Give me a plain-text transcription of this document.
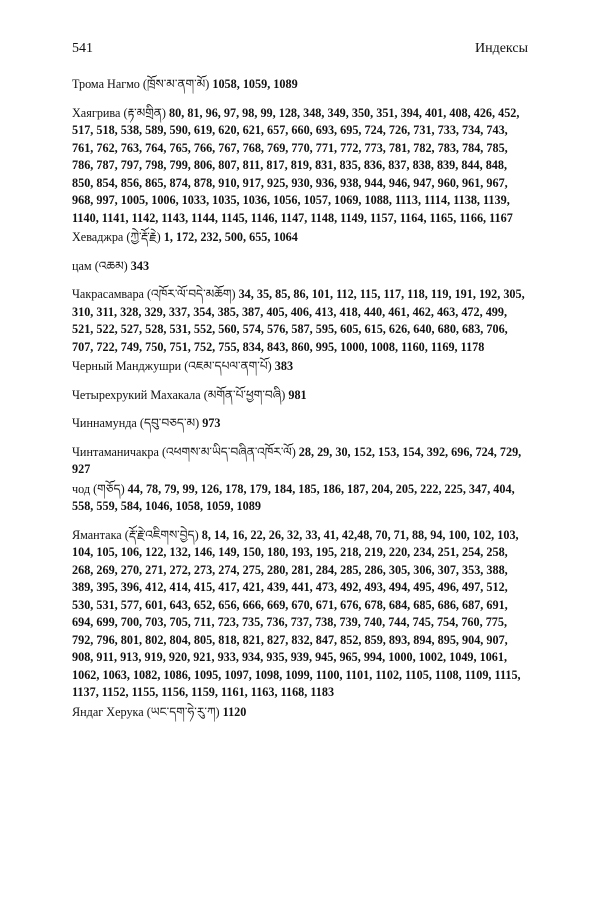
541	Индексы

Трома Нагмо (ཁྲོས་མ་ནག་མོ) 1058, 1059, 1089

Хаягрива (རྟ་མགྲིན) 80, 81, 96, 97, 98, 99, 128, 348, 349, 350, 351, 394, 401, 408, 426, 452, 517, 518, 538, 589, 590, 619, 620, 621, 657, 660, 693, 695, 724, 726, 731, 733, 734, 743, 761, 762, 763, 764, 765, 766, 767, 768, 769, 770, 771, 772, 773, 781, 782, 783, 784, 785, 786, 787, 797, 798, 799, 806, 807, 811, 817, 819, 831, 835, 836, 837, 838, 839, 844, 848, 850, 854, 856, 865, 874, 878, 910, 917, 925, 930, 936, 938, 944, 946, 947, 960, 961, 967, 968, 997, 1005, 1006, 1033, 1035, 1036, 1056, 1057, 1069, 1088, 1113, 1114, 1138, 1139, 1140, 1141, 1142, 1143, 1144, 1145, 1146, 1147, 1148, 1149, 1157, 1164, 1165, 1166, 1167

Хеваджра (ཀྱེ་རྡོ་རྗེ) 1, 172, 232, 500, 655, 1064

цам (འཆམ) 343

Чакрасамвара (འཁོར་ལོ་བདེ་མཆོག) 34, 35, 85, 86, 101, 112, 115, 117, 118, 119, 191, 192, 305, 310, 311, 328, 329, 337, 354, 385, 387, 405, 406, 413, 418, 440, 461, 462, 463, 472, 499, 521, 522, 527, 528, 531, 552, 560, 574, 576, 587, 595, 605, 615, 626, 640, 680, 683, 706, 707, 722, 749, 750, 751, 752, 755, 834, 843, 860, 995, 1000, 1008, 1160, 1169, 1178

Черный Манджушри (འཇམ་དཔལ་ནག་པོ) 383

Четырехрукий Махакала (མགོན་པོ་ཕྱག་བཞི) 981

Чиннамунда (དབུ་བཅད་མ) 973

Чинтаманичакра (འཕགས་མ་ཡིད་བཞིན་འཁོར་ལོ) 28, 29, 30, 152, 153, 154, 392, 696, 724, 729, 927

чод (གཅོད) 44, 78, 79, 99, 126, 178, 179, 184, 185, 186, 187, 204, 205, 222, 225, 347, 404, 558, 559, 584, 1046, 1058, 1059, 1089

Ямантака (རྡོ་རྗེ་འཇིགས་བྱེད) 8, 14, 16, 22, 26, 32, 33, 41, 42,48, 70, 71, 88, 94, 100, 102, 103, 104, 105, 106, 122, 132, 146, 149, 150, 180, 193, 195, 218, 219, 220, 234, 251, 254, 258, 268, 269, 270, 271, 272, 273, 274, 275, 280, 281, 284, 285, 286, 305, 306, 307, 353, 388, 389, 395, 396, 412, 414, 415, 417, 421, 439, 441, 473, 492, 493, 494, 495, 496, 497, 512, 530, 531, 577, 601, 643, 652, 656, 666, 669, 670, 671, 676, 678, 684, 685, 686, 687, 691, 694, 699, 700, 703, 705, 711, 723, 735, 736, 737, 738, 739, 740, 744, 745, 754, 760, 775, 792, 796, 801, 802, 804, 805, 818, 821, 827, 832, 847, 852, 859, 893, 894, 895, 904, 907, 908, 911, 913, 919, 920, 921, 933, 934, 935, 939, 945, 965, 994, 1000, 1002, 1049, 1061, 1062, 1063, 1082, 1086, 1095, 1097, 1098, 1099, 1100, 1101, 1102, 1105, 1108, 1109, 1115, 1137, 1152, 1155, 1156, 1159, 1161, 1163, 1168, 1183

Яндаг Херука (ཡང་དག་ཧེ་རུ་ཀ) 1120
